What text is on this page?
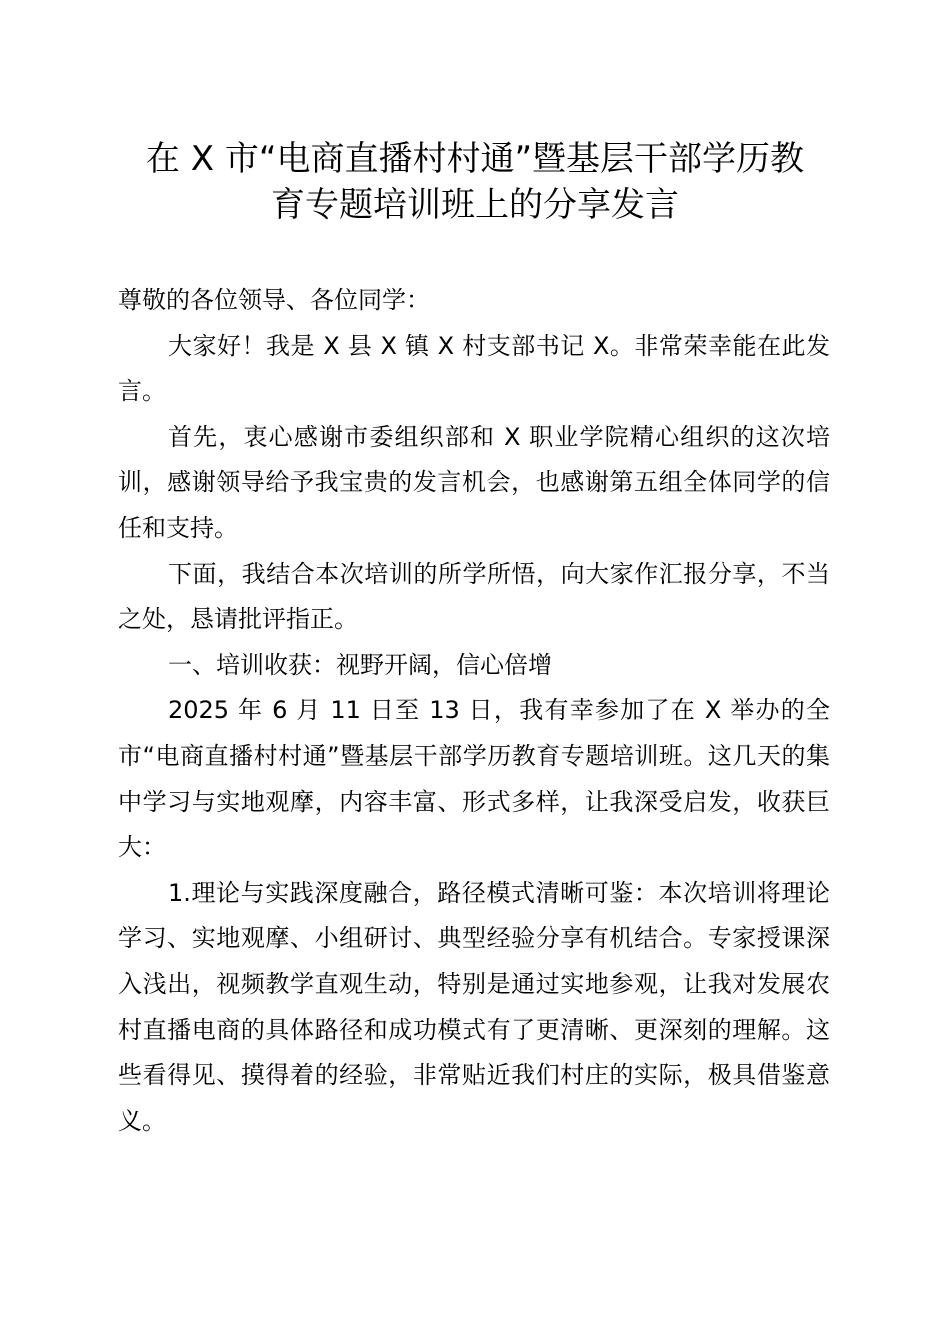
在 X 市“电商直播村村通”暨基层干部学历教
育专题培训班上的分享发言

尊敬的各位领导、各位同学：

大家好！我是 X 县 X 镇 X 村支部书记 X。非常荣幸能在此发言。

首先，衷心感谢市委组织部和 X 职业学院精心组织的这次培训，感谢领导给予我宝贵的发言机会，也感谢第五组全体同学的信任和支持。

下面，我结合本次培训的所学所悟，向大家作汇报分享，不当之处，恳请批评指正。

一、培训收获：视野开阔，信心倍增

2025 年 6 月 11 日至 13 日，我有幸参加了在 X 举办的全市“电商直播村村通”暨基层干部学历教育专题培训班。这几天的集中学习与实地观摩，内容丰富、形式多样，让我深受启发，收获巨大：

1.理论与实践深度融合，路径模式清晰可鉴：本次培训将理论学习、实地观摩、小组研讨、典型经验分享有机结合。专家授课深入浅出，视频教学直观生动，特别是通过实地参观，让我对发展农村直播电商的具体路径和成功模式有了更清晰、更深刻的理解。这些看得见、摸得着的经验，非常贴近我们村庄的实际，极具借鉴意义。
